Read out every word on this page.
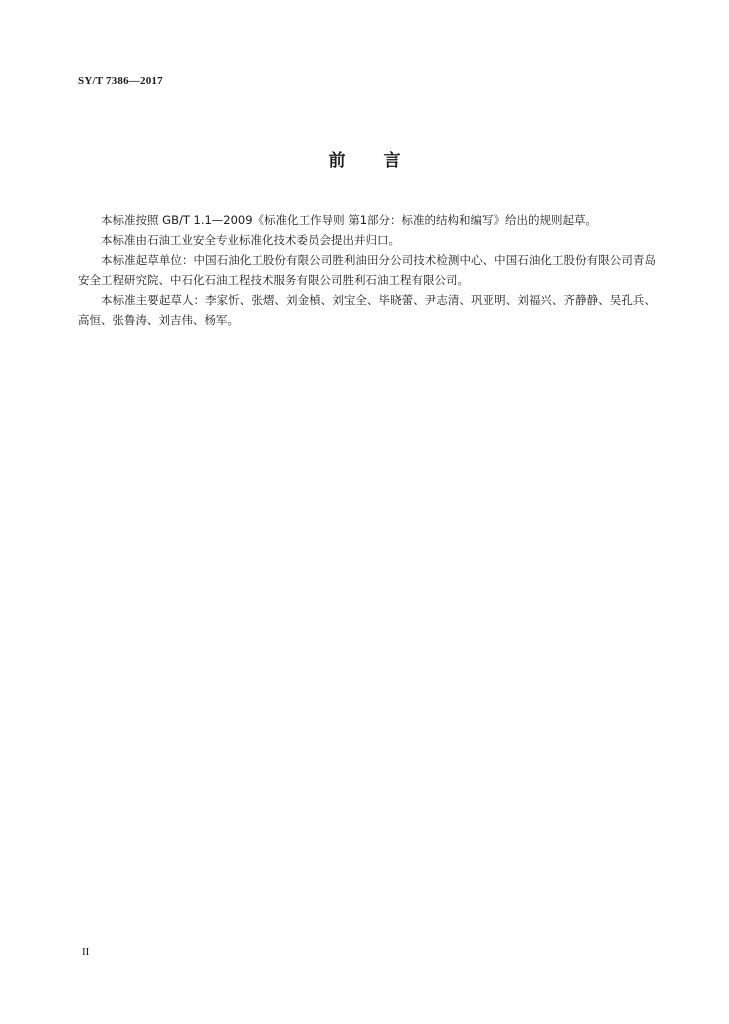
SY/T 7386—2017
前言

本标准按照 GB/T 1.1—2009《标准化工作导则 第1部分：标准的结构和编写》给出的规则起草。

本标准由石油工业安全专业标准化技术委员会提出并归口。

本标准起草单位：中国石油化工股份有限公司胜利油田分公司技术检测中心、中国石油化工股份有限公司青岛安全工程研究院、中石化石油工程技术服务有限公司胜利石油工程有限公司。

本标准主要起草人：李家忻、张熠、刘金楨、刘宝全、毕晓蕾、尹志清、巩亚明、刘福兴、齐静静、吴孔兵、高恒、张鲁涛、刘吉伟、杨军。

II
